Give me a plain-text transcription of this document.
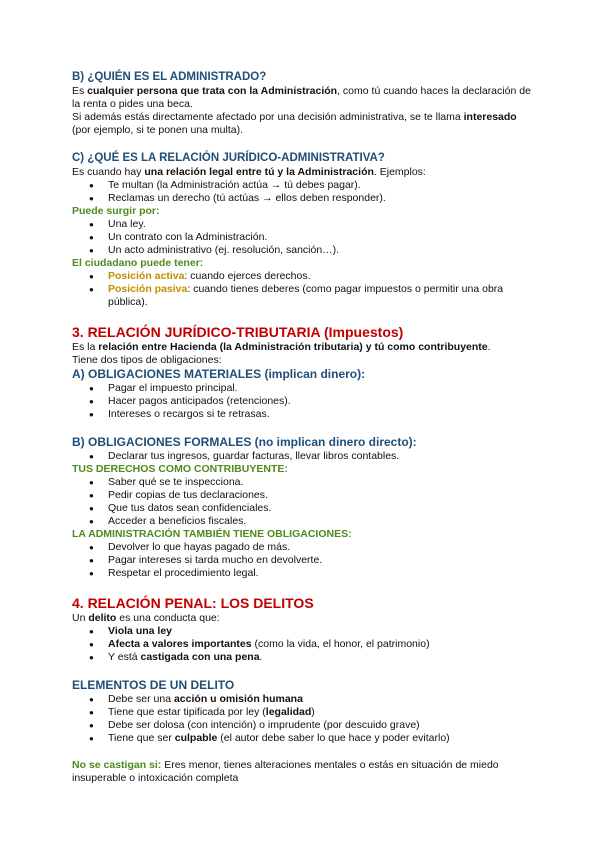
B) ¿QUIÉN ES EL ADMINISTRADO?

Es cualquier persona que trata con la Administración, como tú cuando haces la declaración de la renta o pides una beca.

Si además estás directamente afectado por una decisión administrativa, se te llama interesado (por ejemplo, si te ponen una multa).

C) ¿QUÉ ES LA RELACIÓN JURÍDICO-ADMINISTRATIVA?

Es cuando hay una relación legal entre tú y la Administración. Ejemplos:

● Te multan (la Administración actúa → tú debes pagar).
● Reclamas un derecho (tú actúas → ellos deben responder).
Puede surgir por:
● Una ley.
● Un contrato con la Administración.
● Un acto administrativo (ej. resolución, sanción…).
El ciudadano puede tener:
● Posición activa: cuando ejerces derechos.
● Posición pasiva: cuando tienes deberes (como pagar impuestos o permitir una obra pública).
3. RELACIÓN JURÍDICO-TRIBUTARIA (Impuestos)

Es la relación entre Hacienda (la Administración tributaria) y tú como contribuyente.

Tiene dos tipos de obligaciones:

A) OBLIGACIONES MATERIALES (implican dinero):
● Pagar el impuesto principal.
● Hacer pagos anticipados (retenciones).
● Intereses o recargos si te retrasas.
B) OBLIGACIONES FORMALES (no implican dinero directo):
● Declarar tus ingresos, guardar facturas, llevar libros contables.
TUS DERECHOS COMO CONTRIBUYENTE:
● Saber qué se te inspecciona.
● Pedir copias de tus declaraciones.
● Que tus datos sean confidenciales.
● Acceder a beneficios fiscales.
LA ADMINISTRACIÓN TAMBIÉN TIENE OBLIGACIONES:
● Devolver lo que hayas pagado de más.
● Pagar intereses si tarda mucho en devolverte.
● Respetar el procedimiento legal.
4. RELACIÓN PENAL: LOS DELITOS

Un delito es una conducta que:

● Viola una ley
● Afecta a valores importantes (como la vida, el honor, el patrimonio)
● Y está castigada con una pena.
ELEMENTOS DE UN DELITO
● Debe ser una acción u omisión humana
● Tiene que estar tipificada por ley (legalidad)
● Debe ser dolosa (con intención) o imprudente (por descuido grave)
● Tiene que ser culpable (el autor debe saber lo que hace y poder evitarlo)

No se castigan si: Eres menor, tienes alteraciones mentales o estás en situación de miedo insuperable o intoxicación completa
